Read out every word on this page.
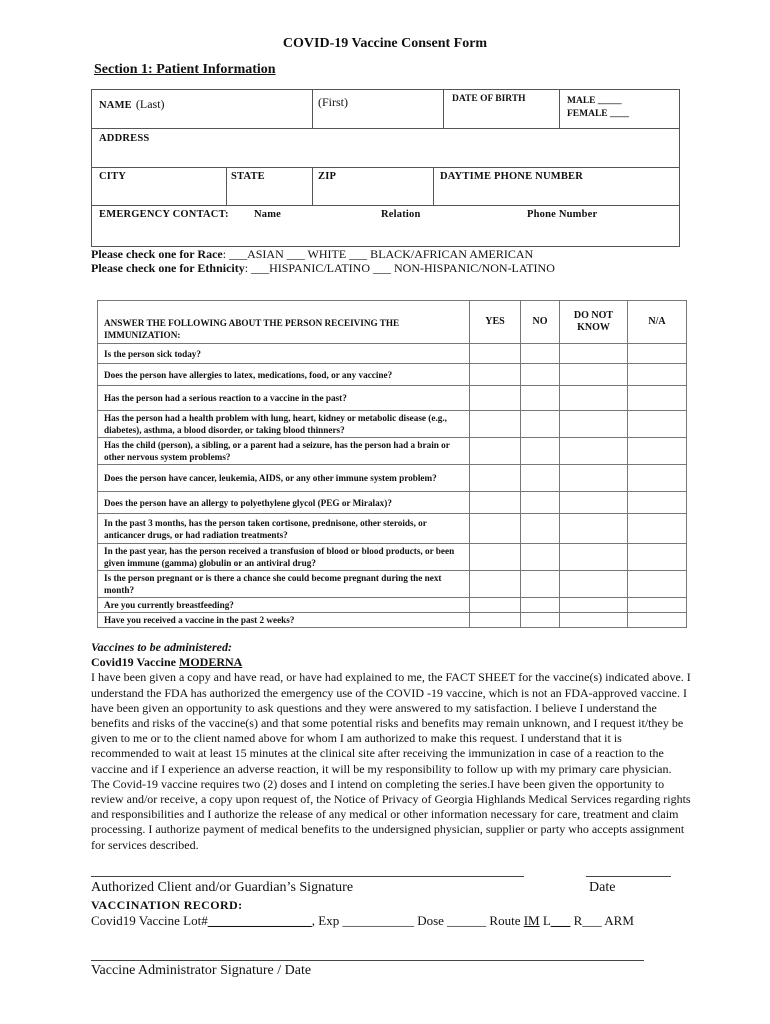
COVID-19 Vaccine Consent Form
Section 1: Patient Information
NAME (Last)	(First)	DATE OF BIRTH	MALE _____
FEMALE ____
ADDRESS
CITY	STATE	ZIP	DAYTIME PHONE NUMBER
EMERGENCY CONTACT: Name	Relation	Phone Number
Please check one for Race: ___ASIAN ___ WHITE ___ BLACK/AFRICAN AMERICAN
Please check one for Ethnicity: ___HISPANIC/LATINO ___ NON-HISPANIC/NON-LATINO
ANSWER THE FOLLOWING ABOUT THE PERSON RECEIVING THE IMMUNIZATION:	YES	NO	DO NOT KNOW	N/A
Is the person sick today?				
Does the person have allergies to latex, medications, food, or any vaccine?				
Has the person had a serious reaction to a vaccine in the past?				
Has the person had a health problem with lung, heart, kidney or metabolic disease (e.g., diabetes), asthma, a blood disorder, or taking blood thinners?				
Has the child (person), a sibling, or a parent had a seizure, has the person had a brain or other nervous system problems?				
Does the person have cancer, leukemia, AIDS, or any other immune system problem?				
Does the person have an allergy to polyethylene glycol (PEG or Miralax)?				
In the past 3 months, has the person taken cortisone, prednisone, other steroids, or anticancer drugs, or had radiation treatments?				
In the past year, has the person received a transfusion of blood or blood products, or been given immune (gamma) globulin or an antiviral drug?				
Is the person pregnant or is there a chance she could become pregnant during the next month?				
Are you currently breastfeeding?				
Have you received a vaccine in the past 2 weeks?				
Vaccines to be administered:
Covid19 Vaccine MODERNA
I have been given a copy and have read, or have had explained to me, the FACT SHEET for the vaccine(s) indicated above. I understand the FDA has authorized the emergency use of the COVID -19 vaccine, which is not an FDA-approved vaccine. I have been given an opportunity to ask questions and they were answered to my satisfaction. I believe I understand the benefits and risks of the vaccine(s) and that some potential risks and benefits may remain unknown, and I request it/they be given to me or to the client named above for whom I am authorized to make this request. I understand that it is recommended to wait at least 15 minutes at the clinical site after receiving the immunization in case of a reaction to the vaccine and if I experience an adverse reaction, it will be my responsibility to follow up with my primary care physician. The Covid-19 vaccine requires two (2) doses and I intend on completing the series.I have been given the opportunity to review and/or receive, a copy upon request of, the Notice of Privacy of Georgia Highlands Medical Services regarding rights and responsibilities and I authorize the release of any medical or other information necessary for care, treatment and claim processing. I authorize payment of medical benefits to the undersigned physician, supplier or party who accepts assignment for services described.
Authorized Client and/or Guardian’s Signature	Date
VACCINATION RECORD:
Covid19 Vaccine Lot#________________, Exp ___________ Dose ______ Route IM L___ R___ ARM
Vaccine Administrator Signature / Date
